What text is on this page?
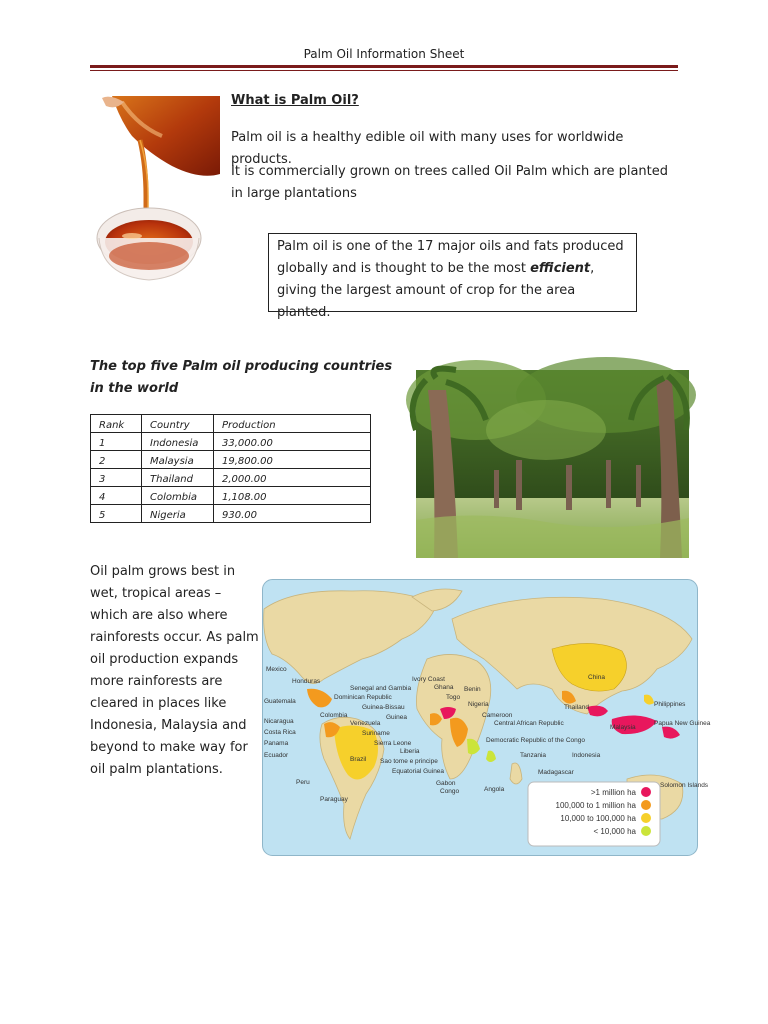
Palm Oil Information Sheet
What is Palm Oil?
Palm oil is a healthy edible oil with many uses for worldwide products.
It is commercially grown on trees called Oil Palm which are planted in large plantations
Palm oil is one of the 17 major oils and fats produced globally and is thought to be the most efficient, giving the largest amount of crop for the area planted.
The top five Palm oil producing countries in the world
Rank	Country	Production
1	Indonesia	33,000.00
2	Malaysia	19,800.00
3	Thailand	2,000.00
4	Colombia	1,108.00
5	Nigeria	930.00
Oil palm grows best in wet, tropical areas – which are also where rainforests occur. As palm oil production expands more rainforests are cleared in places like Indonesia, Malaysia and beyond to make way for oil palm plantations.
Mexico
Honduras
Guatemala
Nicaragua
Costa Rica
Panama
Ecuador
Peru
Paraguay
Brazil
Colombia
Venezuela
Suriname
Dominican Republic
Senegal and Gambia
Guinea-Bissau
Guinea
Sierra Leone
Liberia
Sao tome e principe
Equatorial Guinea
Gabon
Congo	Angola
Ivory Coast
Ghana
Togo
Benin
Nigeria
Cameroon
Central African Republic
Democratic Republic of the Congo
Tanzania
Madagascar
China
Thailand
Malaysia
Indonesia
Philippines
Papua New Guinea
Solomon Islands
>1 million ha
100,000 to 1 million ha
10,000 to 100,000 ha
< 10,000 ha
